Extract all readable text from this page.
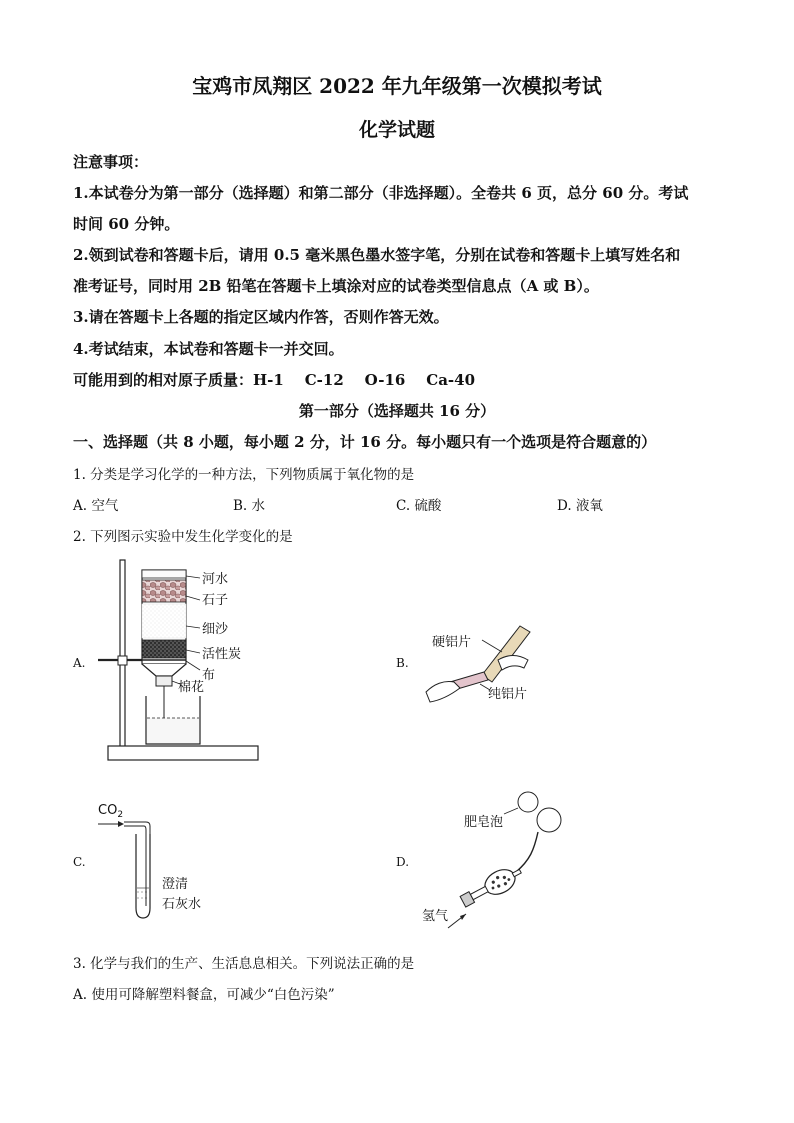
宝鸡市凤翔区 2022 年九年级第一次模拟考试
化学试题
注意事项：
1.本试卷分为第一部分（选择题）和第二部分（非选择题）。全卷共 6 页，总分 60 分。考试
时间 60 分钟。
2.领到试卷和答题卡后，请用 0.5 毫米黑色墨水签字笔，分别在试卷和答题卡上填写姓名和
准考证号，同时用 2B 铅笔在答题卡上填涂对应的试卷类型信息点（A 或 B）。
3.请在答题卡上各题的指定区域内作答，否则作答无效。
4.考试结束，本试卷和答题卡一并交回。
可能用到的相对原子质量：H-1    C-12    O-16    Ca-40
第一部分（选择题共 16 分）
一、选择题（共 8 小题，每小题 2 分，计 16 分。每小题只有一个选项是符合题意的）
1. 分类是学习化学的一种方法，下列物质属于氧化物的是
A. 空气	B. 水	C. 硫酸	D. 液氧
2. 下列图示实验中发生化学变化的是
A.	B.
C.	D.
河水
石子
细沙
活性炭
布
棉花
硬铝片
纯铝片
$CO_2$
澄清
石灰水
肥皂泡
氢气
3. 化学与我们的生产、生活息息相关。下列说法正确的是
A. 使用可降解塑料餐盒，可减少“白色污染”
